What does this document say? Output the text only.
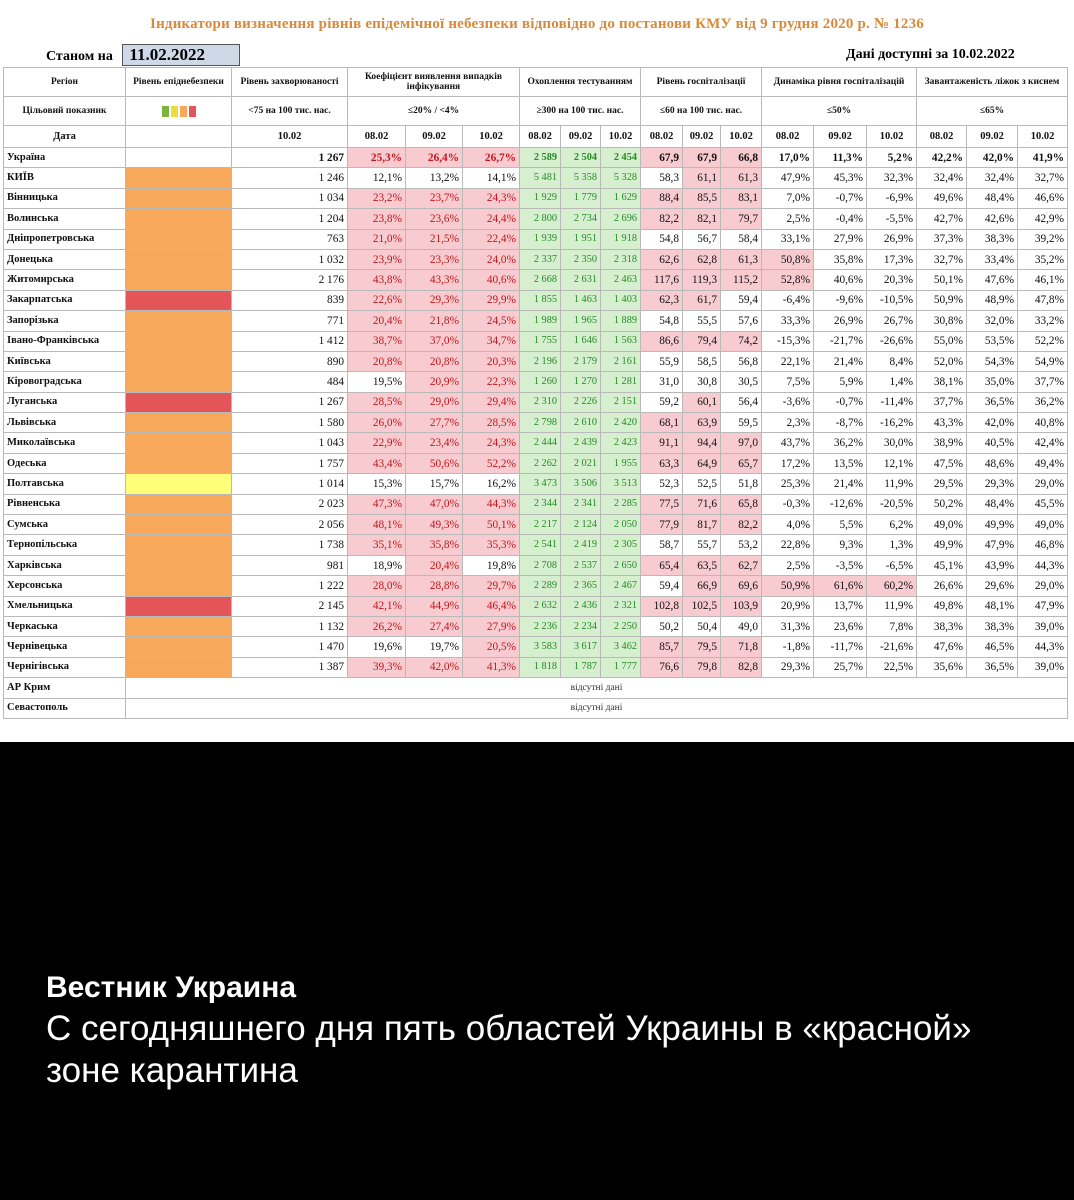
Індикатори визначення рівнів епідемічної небезпеки відповідно до постанови КМУ від 9 грудня 2020 р. № 1236
Станом на 11.02.2022	Дані доступні за 10.02.2022
Регіон	Рівень епіднебезпеки	Рівень захворюваності	Коефіцієнт виявлення випадків інфікування			Охоплення тестуванням			Рівень госпіталізації			Динаміка рівня госпіталізацій			Завантаженість ліжок з киснем		
Цільовий показник		<75 на 100 тис. нас.	≤20% / <4%			≥300 на 100 тис. нас.			≤60 на 100 тис. нас.			≤50%			≤65%		
Дата		10.02	08.02	09.02	10.02	08.02	09.02	10.02	08.02	09.02	10.02	08.02	09.02	10.02	08.02	09.02	10.02
Україна		1 267	25,3%	26,4%	26,7%	2 589	2 504	2 454	67,9	67,9	66,8	17,0%	11,3%	5,2%	42,2%	42,0%	41,9%
КИЇВ		1 246	12,1%	13,2%	14,1%	5 481	5 358	5 328	58,3	61,1	61,3	47,9%	45,3%	32,3%	32,4%	32,4%	32,7%
Вінницька		1 034	23,2%	23,7%	24,3%	1 929	1 779	1 629	88,4	85,5	83,1	7,0%	-0,7%	-6,9%	49,6%	48,4%	46,6%
Волинська		1 204	23,8%	23,6%	24,4%	2 800	2 734	2 696	82,2	82,1	79,7	2,5%	-0,4%	-5,5%	42,7%	42,6%	42,9%
Дніпропетровська		763	21,0%	21,5%	22,4%	1 939	1 951	1 918	54,8	56,7	58,4	33,1%	27,9%	26,9%	37,3%	38,3%	39,2%
Донецька		1 032	23,9%	23,3%	24,0%	2 337	2 350	2 318	62,6	62,8	61,3	50,8%	35,8%	17,3%	32,7%	33,4%	35,2%
Житомирська		2 176	43,8%	43,3%	40,6%	2 668	2 631	2 463	117,6	119,3	115,2	52,8%	40,6%	20,3%	50,1%	47,6%	46,1%
Закарпатська		839	22,6%	29,3%	29,9%	1 855	1 463	1 403	62,3	61,7	59,4	-6,4%	-9,6%	-10,5%	50,9%	48,9%	47,8%
Запорізька		771	20,4%	21,8%	24,5%	1 989	1 965	1 889	54,8	55,5	57,6	33,3%	26,9%	26,7%	30,8%	32,0%	33,2%
Івано-Франківська		1 412	38,7%	37,0%	34,7%	1 755	1 646	1 563	86,6	79,4	74,2	-15,3%	-21,7%	-26,6%	55,0%	53,5%	52,2%
Київська		890	20,8%	20,8%	20,3%	2 196	2 179	2 161	55,9	58,5	56,8	22,1%	21,4%	8,4%	52,0%	54,3%	54,9%
Кіровоградська		484	19,5%	20,9%	22,3%	1 260	1 270	1 281	31,0	30,8	30,5	7,5%	5,9%	1,4%	38,1%	35,0%	37,7%
Луганська		1 267	28,5%	29,0%	29,4%	2 310	2 226	2 151	59,2	60,1	56,4	-3,6%	-0,7%	-11,4%	37,7%	36,5%	36,2%
Львівська		1 580	26,0%	27,7%	28,5%	2 798	2 610	2 420	68,1	63,9	59,5	2,3%	-8,7%	-16,2%	43,3%	42,0%	40,8%
Миколаївська		1 043	22,9%	23,4%	24,3%	2 444	2 439	2 423	91,1	94,4	97,0	43,7%	36,2%	30,0%	38,9%	40,5%	42,4%
Одеська		1 757	43,4%	50,6%	52,2%	2 262	2 021	1 955	63,3	64,9	65,7	17,2%	13,5%	12,1%	47,5%	48,6%	49,4%
Полтавська		1 014	15,3%	15,7%	16,2%	3 473	3 506	3 513	52,3	52,5	51,8	25,3%	21,4%	11,9%	29,5%	29,3%	29,0%
Рівненська		2 023	47,3%	47,0%	44,3%	2 344	2 341	2 285	77,5	71,6	65,8	-0,3%	-12,6%	-20,5%	50,2%	48,4%	45,5%
Сумська		2 056	48,1%	49,3%	50,1%	2 217	2 124	2 050	77,9	81,7	82,2	4,0%	5,5%	6,2%	49,0%	49,9%	49,0%
Тернопільська		1 738	35,1%	35,8%	35,3%	2 541	2 419	2 305	58,7	55,7	53,2	22,8%	9,3%	1,3%	49,9%	47,9%	46,8%
Харківська		981	18,9%	20,4%	19,8%	2 708	2 537	2 650	65,4	63,5	62,7	2,5%	-3,5%	-6,5%	45,1%	43,9%	44,3%
Херсонська		1 222	28,0%	28,8%	29,7%	2 289	2 365	2 467	59,4	66,9	69,6	50,9%	61,6%	60,2%	26,6%	29,6%	29,0%
Хмельницька		2 145	42,1%	44,9%	46,4%	2 632	2 436	2 321	102,8	102,5	103,9	20,9%	13,7%	11,9%	49,8%	48,1%	47,9%
Черкаська		1 132	26,2%	27,4%	27,9%	2 236	2 234	2 250	50,2	50,4	49,0	31,3%	23,6%	7,8%	38,3%	38,3%	39,0%
Чернівецька		1 470	19,6%	19,7%	20,5%	3 583	3 617	3 462	85,7	79,5	71,8	-1,8%	-11,7%	-21,6%	47,6%	46,5%	44,3%
Чернігівська		1 387	39,3%	42,0%	41,3%	1 818	1 787	1 777	76,6	79,8	82,8	29,3%	25,7%	22,5%	35,6%	36,5%	39,0%
АР Крим	відсутні дані																
Севастополь	відсутні дані																
Вестник Украина
С сегодняшнего дня пять областей Украины в «красной» зоне карантина
